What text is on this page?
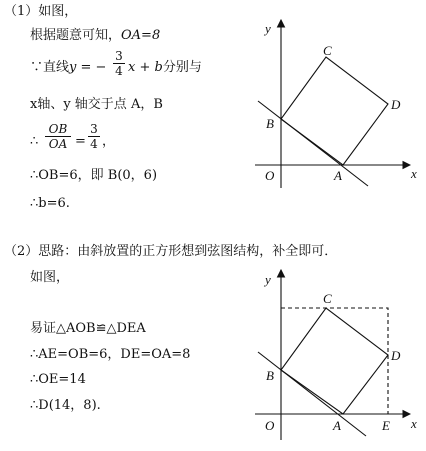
（1）如图，
根据题意可知，OA=8
∵直线y = − $\frac{3}{4}$ x + b分别与
x轴、y 轴交于点 A，B
∴ $\frac{OB}{OA} = \frac{3}{4}$ ，
∴OB=6，即 B(0，6)
∴b=6.
（2）思路：由斜放置的正方形想到弦图结构，补全即可．
如图，
易证△AOB≌△DEA
∴AE=OB=6，DE=OA=8
∴OE=14
∴D(14，8).
y
x
O	A
B
C
D
y
x
O	A
B
C
D
E
